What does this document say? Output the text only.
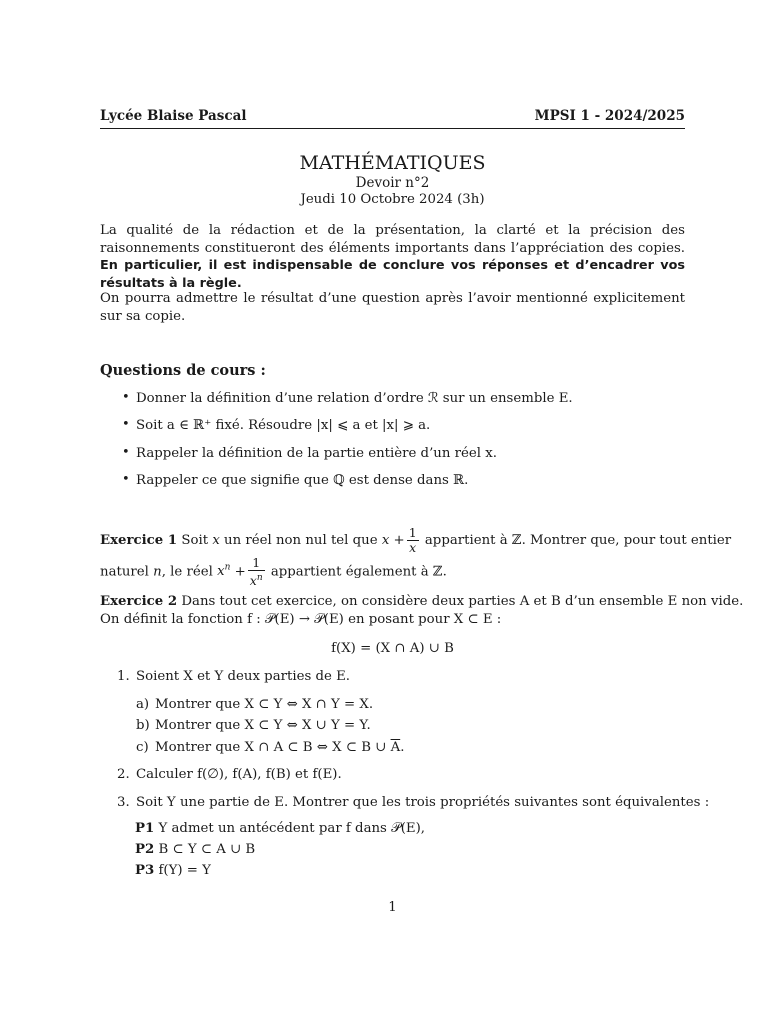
Lycée Blaise Pascal	MPSI 1 - 2024/2025
MATHÉMATIQUES
Devoir n°2
Jeudi 10 Octobre 2024 (3h)
La qualité de la rédaction et de la présentation, la clarté et la précision des raisonnements constitueront des éléments importants dans l’appréciation des copies. En particulier, il est indispensable de conclure vos réponses et d’encadrer vos résultats à la règle.
On pourra admettre le résultat d’une question après l’avoir mentionné explicitement sur sa copie.
Questions de cours :
• Donner la définition d’une relation d’ordre ℛ sur un ensemble E.
• Soit a ∈ ℝ⁺ fixé. Résoudre |x| ⩽ a et |x| ⩾ a.
• Rappeler la définition de la partie entière d’un réel x.
• Rappeler ce que signifie que ℚ est dense dans ℝ.
Exercice 1 Soit x un réel non nul tel que $x + \frac{1}{x}$ appartient à ℤ. Montrer que, pour tout entier
naturel n, le réel $x^n + \frac{1}{x^n}$ appartient également à ℤ.
Exercice 2 Dans tout cet exercice, on considère deux parties A et B d’un ensemble E non vide.
On définit la fonction f : 𝒫(E) → 𝒫(E) en posant pour X ⊂ E :
f(X) = (X ∩ A) ∪ B
1. Soient X et Y deux parties de E.
a) Montrer que X ⊂ Y ⇔ X ∩ Y = X.
b) Montrer que X ⊂ Y ⇔ X ∪ Y = Y.
c) Montrer que X ∩ A ⊂ B ⇔ X ⊂ B ∪ $\overline{A}$.
2. Calculer f(∅), f(A), f(B) et f(E).
3. Soit Y une partie de E. Montrer que les trois propriétés suivantes sont équivalentes :
P1 Y admet un antécédent par f dans 𝒫(E),
P2 B ⊂ Y ⊂ A ∪ B
P3 f(Y) = Y
1
